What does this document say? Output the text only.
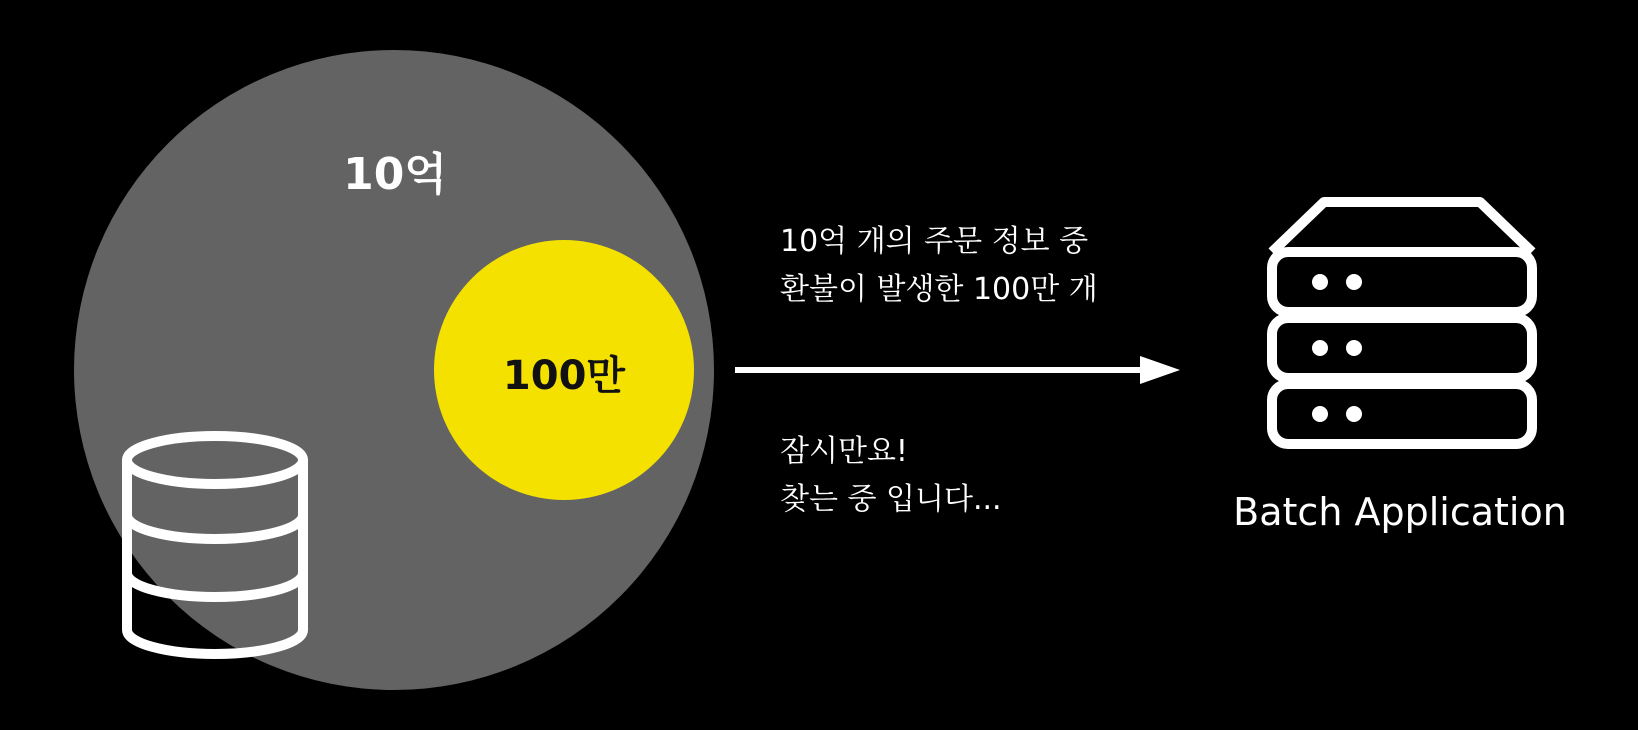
10억
100만
10억 개의 주문 정보 중
환불이 발생한 100만 개
잠시만요!
찾는 중 입니다...	Batch Application
